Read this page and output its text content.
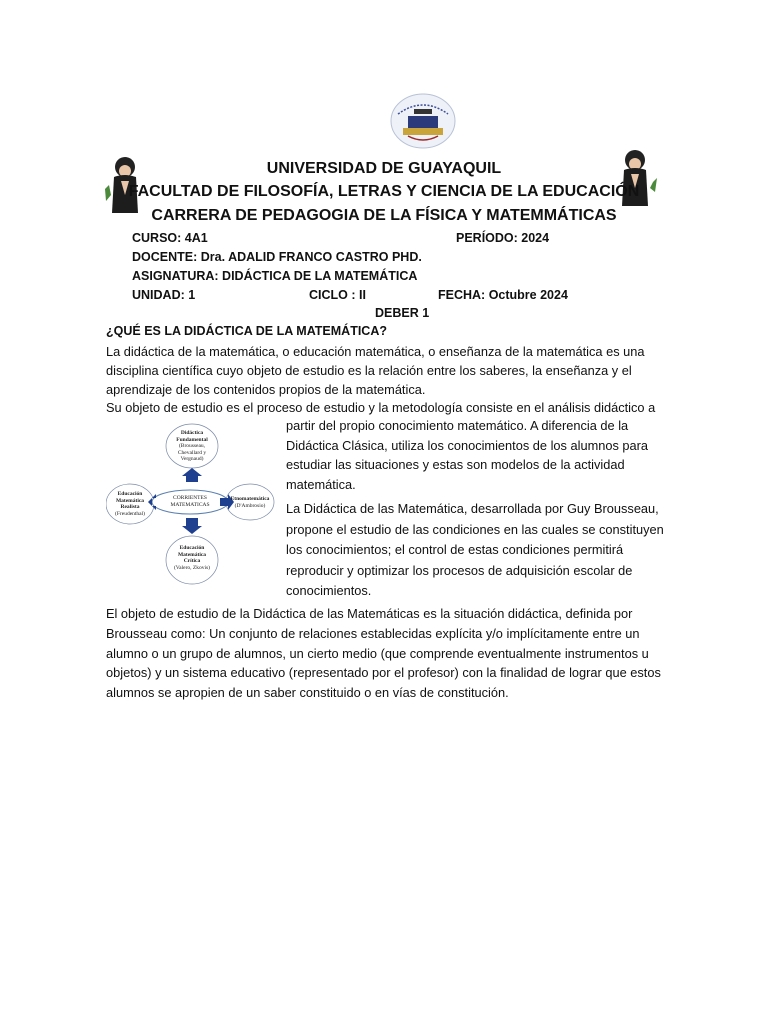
UNIVERSIDAD DE GUAYAQUIL
FACULTAD DE FILOSOFÍA, LETRAS Y CIENCIA DE LA EDUCACIÓN
CARRERA DE PEDAGOGIA DE LA FÍSICA Y MATEMMÁTICAS
CURSO: 4A1	PERÍODO: 2024
DOCENTE: Dra. ADALID FRANCO CASTRO PHD.
ASIGNATURA: DIDÁCTICA DE LA MATEMÁTICA
UNIDAD: 1	CICLO : II	FECHA: Octubre 2024
DEBER 1
¿QUÉ ES LA DIDÁCTICA DE LA MATEMÁTICA?
La didáctica de la matemática, o educación matemática, o enseñanza de la matemática es una
disciplina científica cuyo objeto de estudio es la relación entre los saberes, la enseñanza y el
aprendizaje de los contenidos propios de la matemática.
Su objeto de estudio es el proceso de estudio y la metodología consiste en el análisis didáctico a
Didáctica
Fundamental
(Brousseau,
Chevallard y
Vergnaud)
Educación
Matemática
Realista
(Freudenthal)
CORRIENTES
MATEMATICAS
Etnomatemática
(D'Ambrosio)
Educación
Matemática
Crítica
(Valero, Zkovis)
partir del propio conocimiento matemático. A diferencia de la
Didáctica Clásica, utiliza los conocimientos de los alumnos para
estudiar las situaciones y estas son modelos de la actividad
matemática.
La Didáctica de las Matemática, desarrollada por Guy Brousseau,
propone el estudio de las condiciones en las cuales se constituyen
los conocimientos; el control de estas condiciones permitirá
reproducir y optimizar los procesos de adquisición escolar de
conocimientos.
El objeto de estudio de la Didáctica de las Matemáticas es la situación didáctica, definida por
Brousseau como: Un conjunto de relaciones establecidas explícita y/o implícitamente entre un
alumno o un grupo de alumnos, un cierto medio (que comprende eventualmente instrumentos u
objetos) y un sistema educativo (representado por el profesor) con la finalidad de lograr que estos
alumnos se apropien de un saber constituido o en vías de constitución.
